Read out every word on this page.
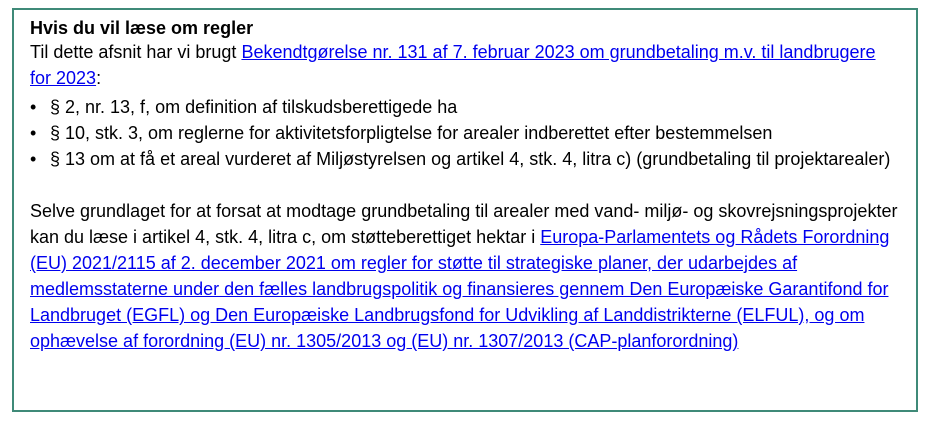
Hvis du vil læse om regler

Til dette afsnit har vi brugt Bekendtgørelse nr. 131 af 7. februar 2023 om grundbetaling m.v. til landbrugere for 2023:

• § 2, nr. 13, f, om definition af tilskudsberettigede ha
• § 10, stk. 3, om reglerne for aktivitetsforpligtelse for arealer indberettet efter bestemmelsen
• § 13 om at få et areal vurderet af Miljøstyrelsen og artikel 4, stk. 4, litra c) (grundbetaling til projektarealer)

Selve grundlaget for at forsat at modtage grundbetaling til arealer med vand- miljø- og skovrejsningsprojekter kan du læse i artikel 4, stk. 4, litra c, om støtteberettiget hektar i Europa-Parlamentets og Rådets Forordning (EU) 2021/2115 af 2. december 2021 om regler for støtte til strategiske planer, der udarbejdes af medlemsstaterne under den fælles landbrugspolitik og finansieres gennem Den Europæiske Garantifond for Landbruget (EGFL) og Den Europæiske Landbrugsfond for Udvikling af Landdistrikterne (ELFUL), og om ophævelse af forordning (EU) nr. 1305/2013 og (EU) nr. 1307/2013 (CAP-planforordning)
